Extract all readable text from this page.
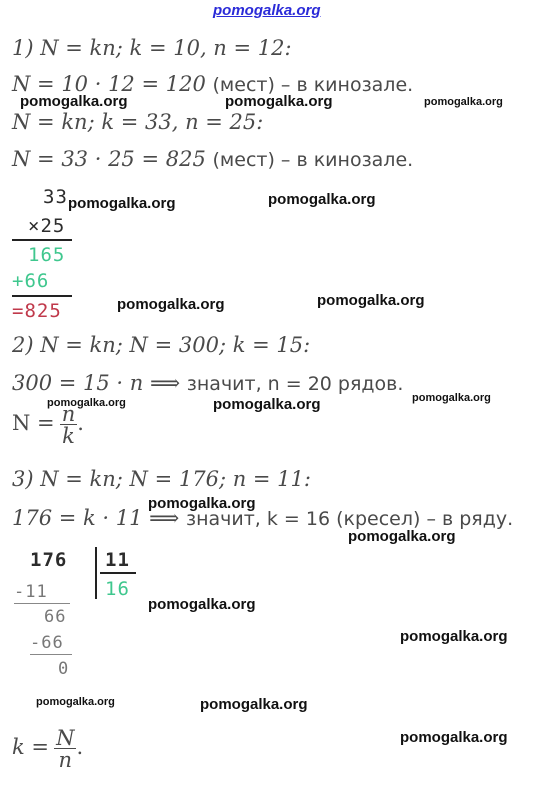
pomogalka.org
1) N = kn; k = 10, n = 12:
N = 10 · 12 = 120 (мест) – в кинозале.
pomogalka.org	pomogalka.org	pomogalka.org
N = kn; k = 33, n = 25:
N = 33 · 25 = 825 (мест) – в кинозале.
33 pomogalka.org	pomogalka.org
×25
165
+66
=825	pomogalka.org	pomogalka.org
2) N = kn; N = 300; k = 15:
300 = 15 · n ⟹ значит, n = 20 рядов.
pomogalka.org	pomogalka.org	pomogalka.org
$N = \frac{n}{k}$ .
3) N = kn; N = 176; n = 11:
pomogalka.org
176 = k · 11 ⟹ значит, k = 16 (кресел) – в ряду.
pomogalka.org
176 11
16
-11
66
pomogalka.org
-66	pomogalka.org
0
pomogalka.org	pomogalka.org
$k = \frac{N}{n}$ .	pomogalka.org
